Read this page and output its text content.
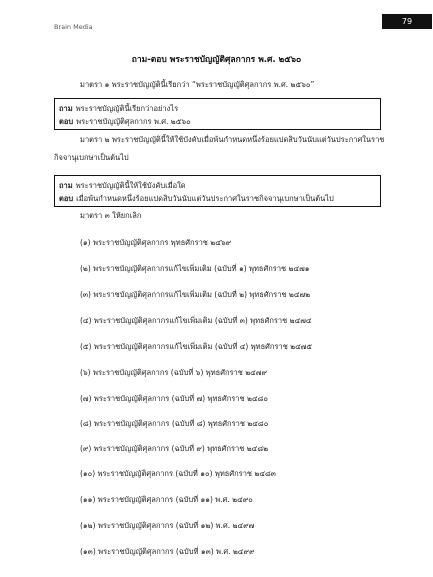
Brain Media
79
ถาม-ตอบ พระราชบัญญัติศุลกากร พ.ศ. ๒๕๖๐
มาตรา ๑ พระราชบัญญัตินี้เรียกว่า “พระราชบัญญัติศุลกากร พ.ศ. ๒๕๖๐”
ถาม พระราชบัญญัตินี้เรียกว่าอย่างไร
ตอบ พระราชบัญญัติศุลกากร พ.ศ. ๒๕๖๐
มาตรา ๒ พระราชบัญญัตินี้ให้ใช้บังคับเมื่อพ้นกำหนดหนึ่งร้อยแปดสิบวันนับแต่วันประกาศในราช
กิจจานุเบกษาเป็นต้นไป
ถาม พระราชบัญญัตินี้ให้ใช้บังคับเมื่อใด
ตอบ เมื่อพ้นกำหนดหนึ่งร้อยแปดสิบวันนับแต่วันประกาศในราชกิจจานุเบกษาเป็นต้นไป
มาตรา ๓ ให้ยกเลิก
(๑) พระราชบัญญัติศุลกากร พุทธศักราช ๒๔๖๙
(๒) พระราชบัญญัติศุลกากรแก้ไขเพิ่มเติม (ฉบับที่ ๑) พุทธศักราช ๒๔๗๑
(๓) พระราชบัญญัติศุลกากรแก้ไขเพิ่มเติม (ฉบับที่ ๒) พุทธศักราช ๒๔๗๒
(๔) พระราชบัญญัติศุลกากรแก้ไขเพิ่มเติม (ฉบับที่ ๓) พุทธศักราช ๒๔๗๔
(๕) พระราชบัญญัติศุลกากรแก้ไขเพิ่มเติม (ฉบับที่ ๔) พุทธศักราช ๒๔๗๕
(๖) พระราชบัญญัติศุลกากร (ฉบับที่ ๖) พุทธศักราช ๒๔๗๙
(๗) พระราชบัญญัติศุลกากร (ฉบับที่ ๗) พุทธศักราช ๒๔๘๐
(๘) พระราชบัญญัติศุลกากร (ฉบับที่ ๘) พุทธศักราช ๒๔๘๐
(๙) พระราชบัญญัติศุลกากร (ฉบับที่ ๙) พุทธศักราช ๒๔๘๒
(๑๐) พระราชบัญญัติศุลกากร (ฉบับที่ ๑๐) พุทธศักราช ๒๔๘๓
(๑๑) พระราชบัญญัติศุลกากร (ฉบับที่ ๑๑) พ.ศ. ๒๔๙๐
(๑๒) พระราชบัญญัติศุลกากร (ฉบับที่ ๑๒) พ.ศ. ๒๔๙๗
(๑๓) พระราชบัญญัติศุลกากร (ฉบับที่ ๑๓) พ.ศ. ๒๔๙๙
